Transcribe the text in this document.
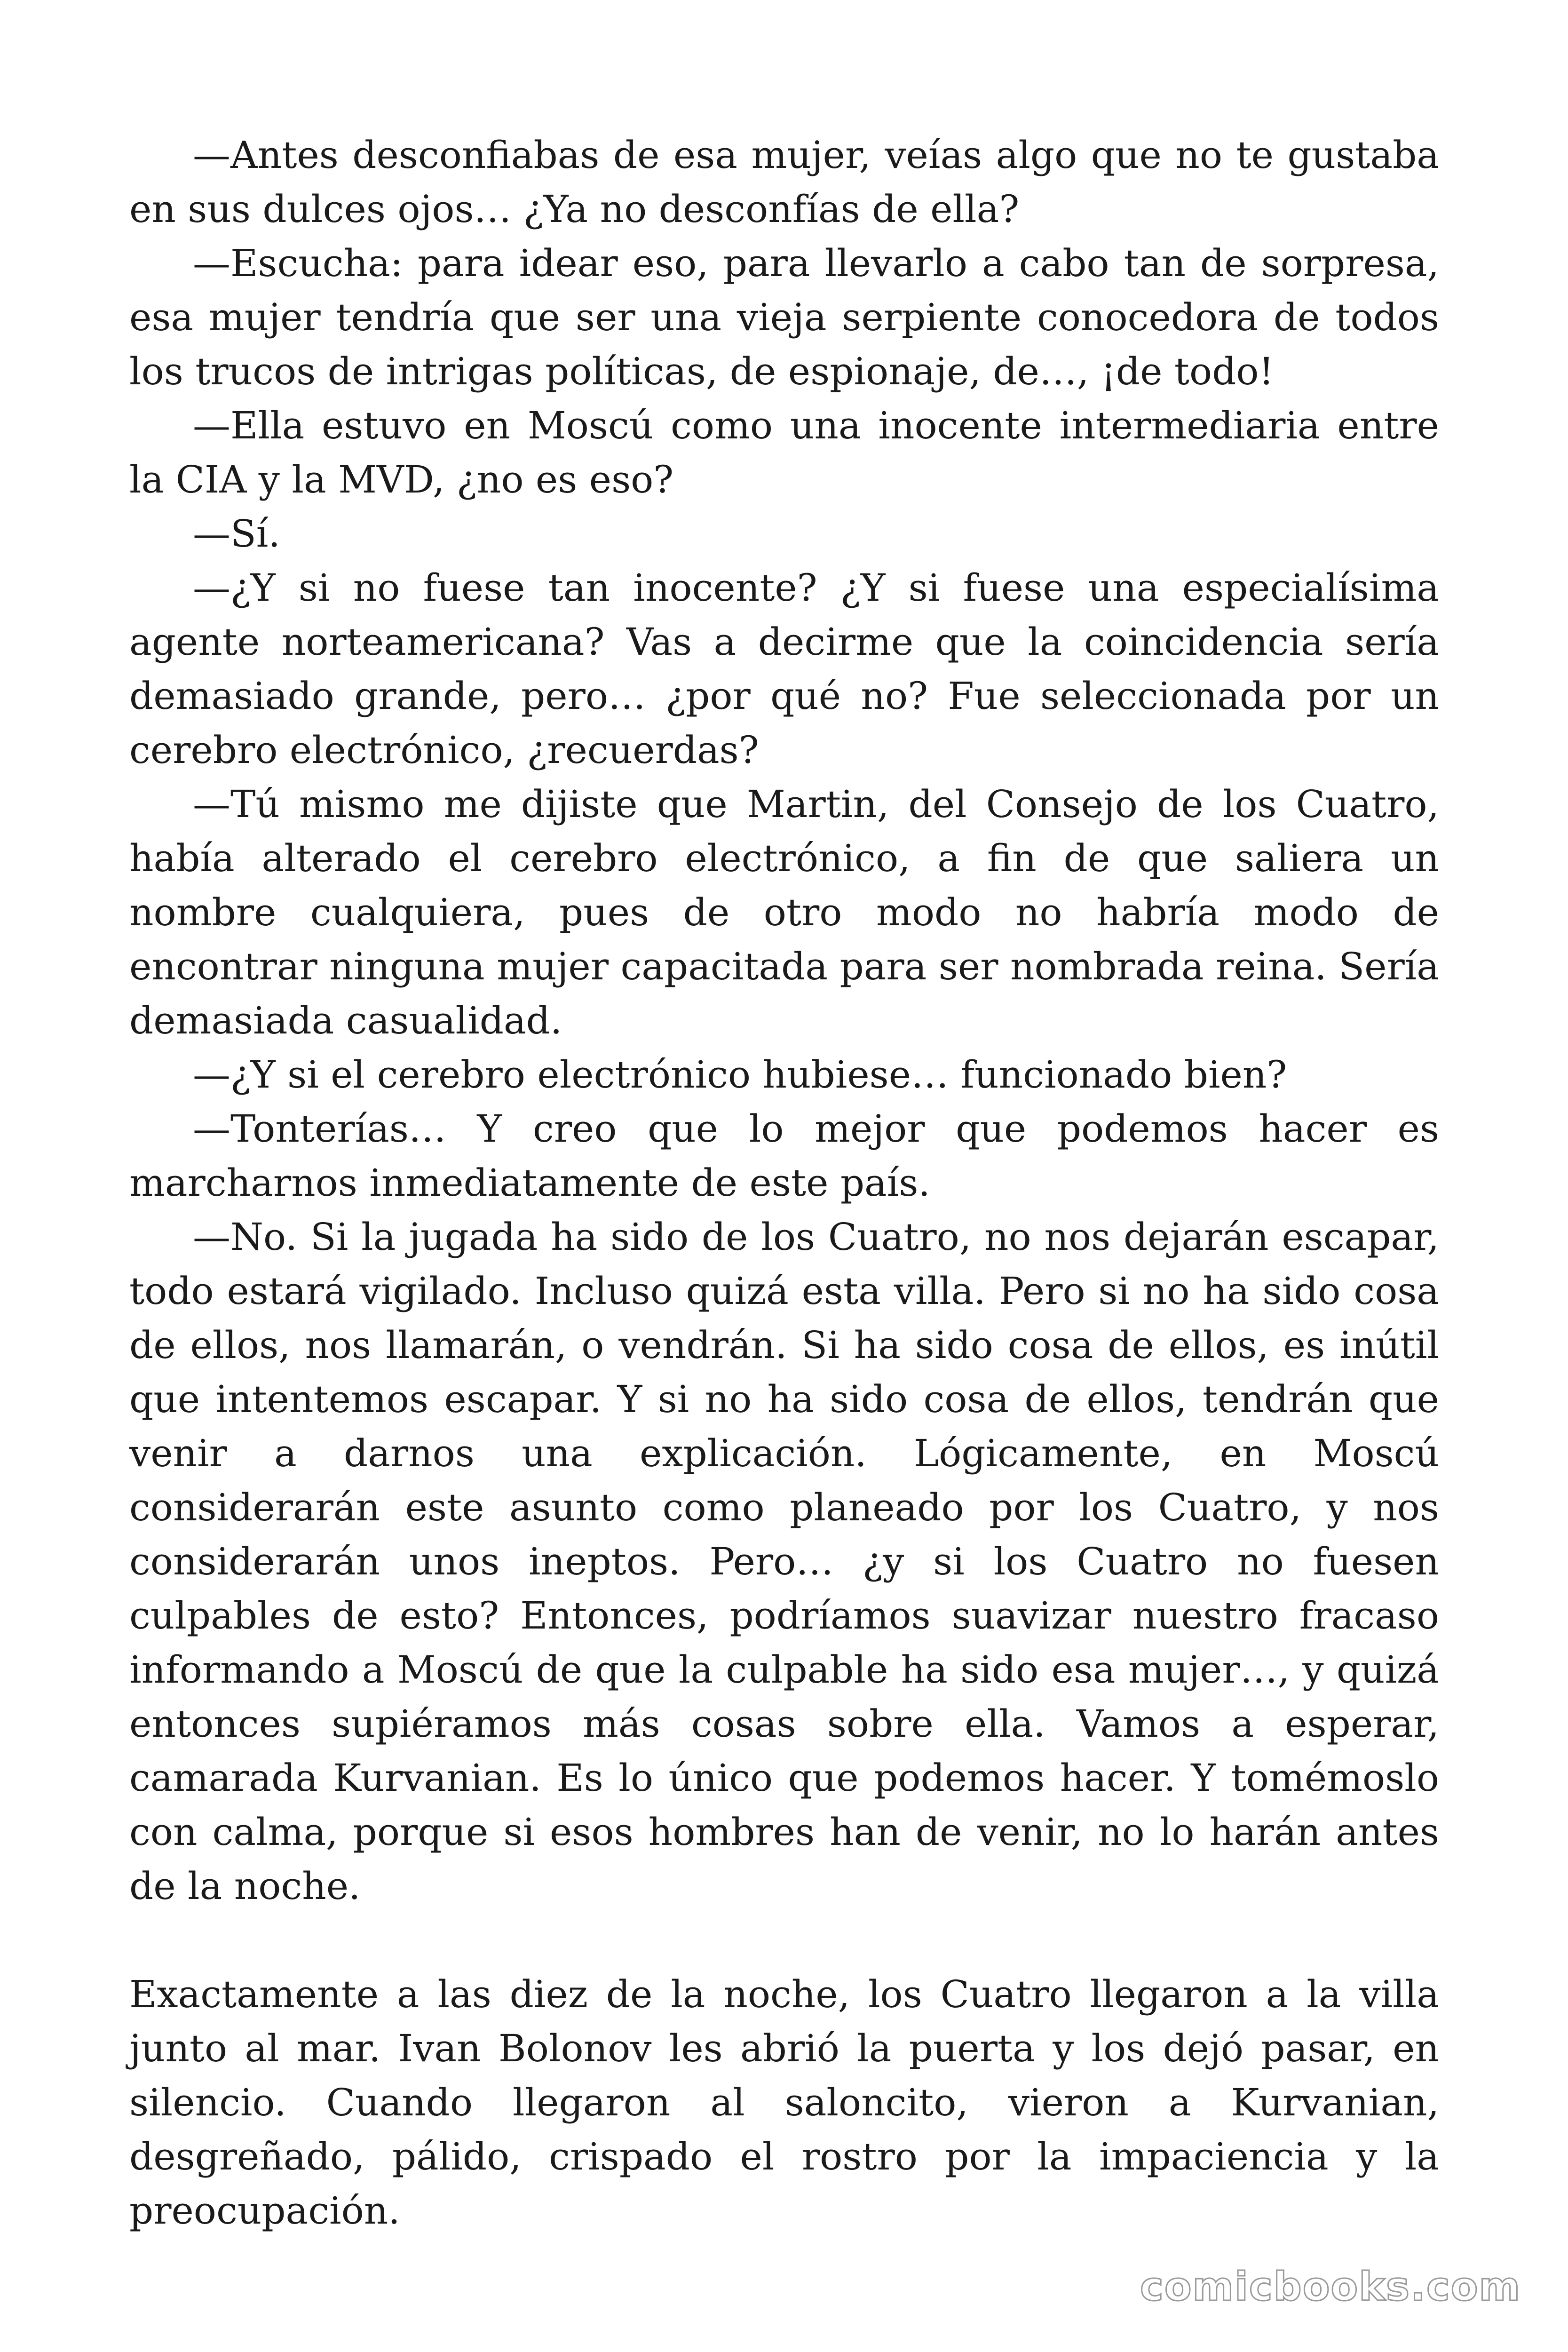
—Antes desconfiabas de esa mujer, veías algo que no te gustaba en sus dulces ojos… ¿Ya no desconfías de ella?

—Escucha: para idear eso, para llevarlo a cabo tan de sorpresa, esa mujer tendría que ser una vieja serpiente conocedora de todos los trucos de intrigas políticas, de espionaje, de…, ¡de todo!

—Ella estuvo en Moscú como una inocente intermediaria entre la CIA y la MVD, ¿no es eso?

—Sí.

—¿Y si no fuese tan inocente? ¿Y si fuese una especialísima agente norteamericana? Vas a decirme que la coincidencia sería demasiado grande, pero… ¿por qué no? Fue seleccionada por un cerebro electrónico, ¿recuerdas?

—Tú mismo me dijiste que Martin, del Consejo de los Cuatro, había alterado el cerebro electrónico, a fin de que saliera un nombre cualquiera, pues de otro modo no habría modo de encontrar ninguna mujer capacitada para ser nombrada reina. Sería demasiada casualidad.

—¿Y si el cerebro electrónico hubiese… funcionado bien?

—Tonterías… Y creo que lo mejor que podemos hacer es marcharnos inmediatamente de este país.

—No. Si la jugada ha sido de los Cuatro, no nos dejarán escapar, todo estará vigilado. Incluso quizá esta villa. Pero si no ha sido cosa de ellos, nos llamarán, o vendrán. Si ha sido cosa de ellos, es inútil que intentemos escapar. Y si no ha sido cosa de ellos, tendrán que venir a darnos una explicación. Lógicamente, en Moscú considerarán este asunto como planeado por los Cuatro, y nos considerarán unos ineptos. Pero… ¿y si los Cuatro no fuesen culpables de esto? Entonces, podríamos suavizar nuestro fracaso informando a Moscú de que la culpable ha sido esa mujer…, y quizá entonces supiéramos más cosas sobre ella. Vamos a esperar, camarada Kurvanian. Es lo único que podemos hacer. Y tomémoslo con calma, porque si esos hombres han de venir, no lo harán antes de la noche.

Exactamente a las diez de la noche, los Cuatro llegaron a la villa junto al mar. Ivan Bolonov les abrió la puerta y los dejó pasar, en silencio. Cuando llegaron al saloncito, vieron a Kurvanian, desgreñado, pálido, crispado el rostro por la impaciencia y la preocupación.

comicbooks.com
